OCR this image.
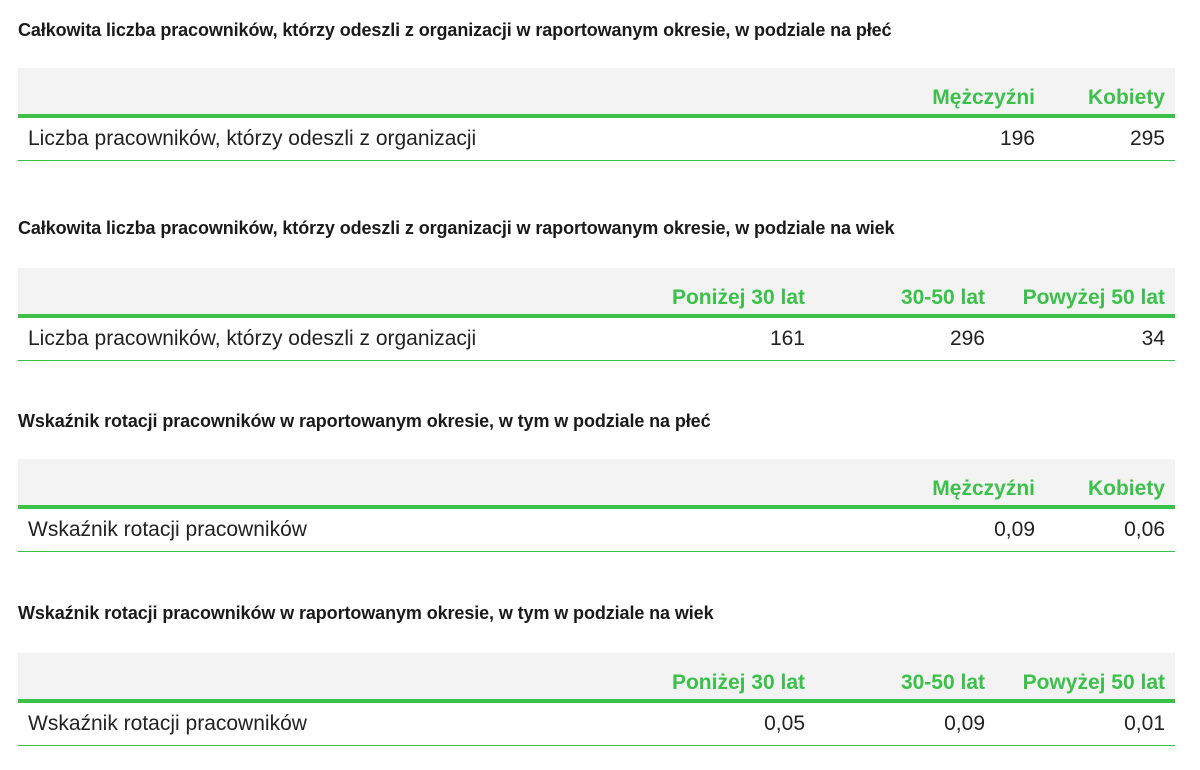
Całkowita liczba pracowników, którzy odeszli z organizacji w raportowanym okresie, w podziale na płeć
	Mężczyźni	Kobiety
Liczba pracowników, którzy odeszli z organizacji	196	295
Całkowita liczba pracowników, którzy odeszli z organizacji w raportowanym okresie, w podziale na wiek
	Poniżej 30 lat	30-50 lat	Powyżej 50 lat
Liczba pracowników, którzy odeszli z organizacji	161	296	34
Wskaźnik rotacji pracowników w raportowanym okresie, w tym w podziale na płeć
	Mężczyźni	Kobiety
Wskaźnik rotacji pracowników	0,09	0,06
Wskaźnik rotacji pracowników w raportowanym okresie, w tym w podziale na wiek
	Poniżej 30 lat	30-50 lat	Powyżej 50 lat
Wskaźnik rotacji pracowników	0,05	0,09	0,01
